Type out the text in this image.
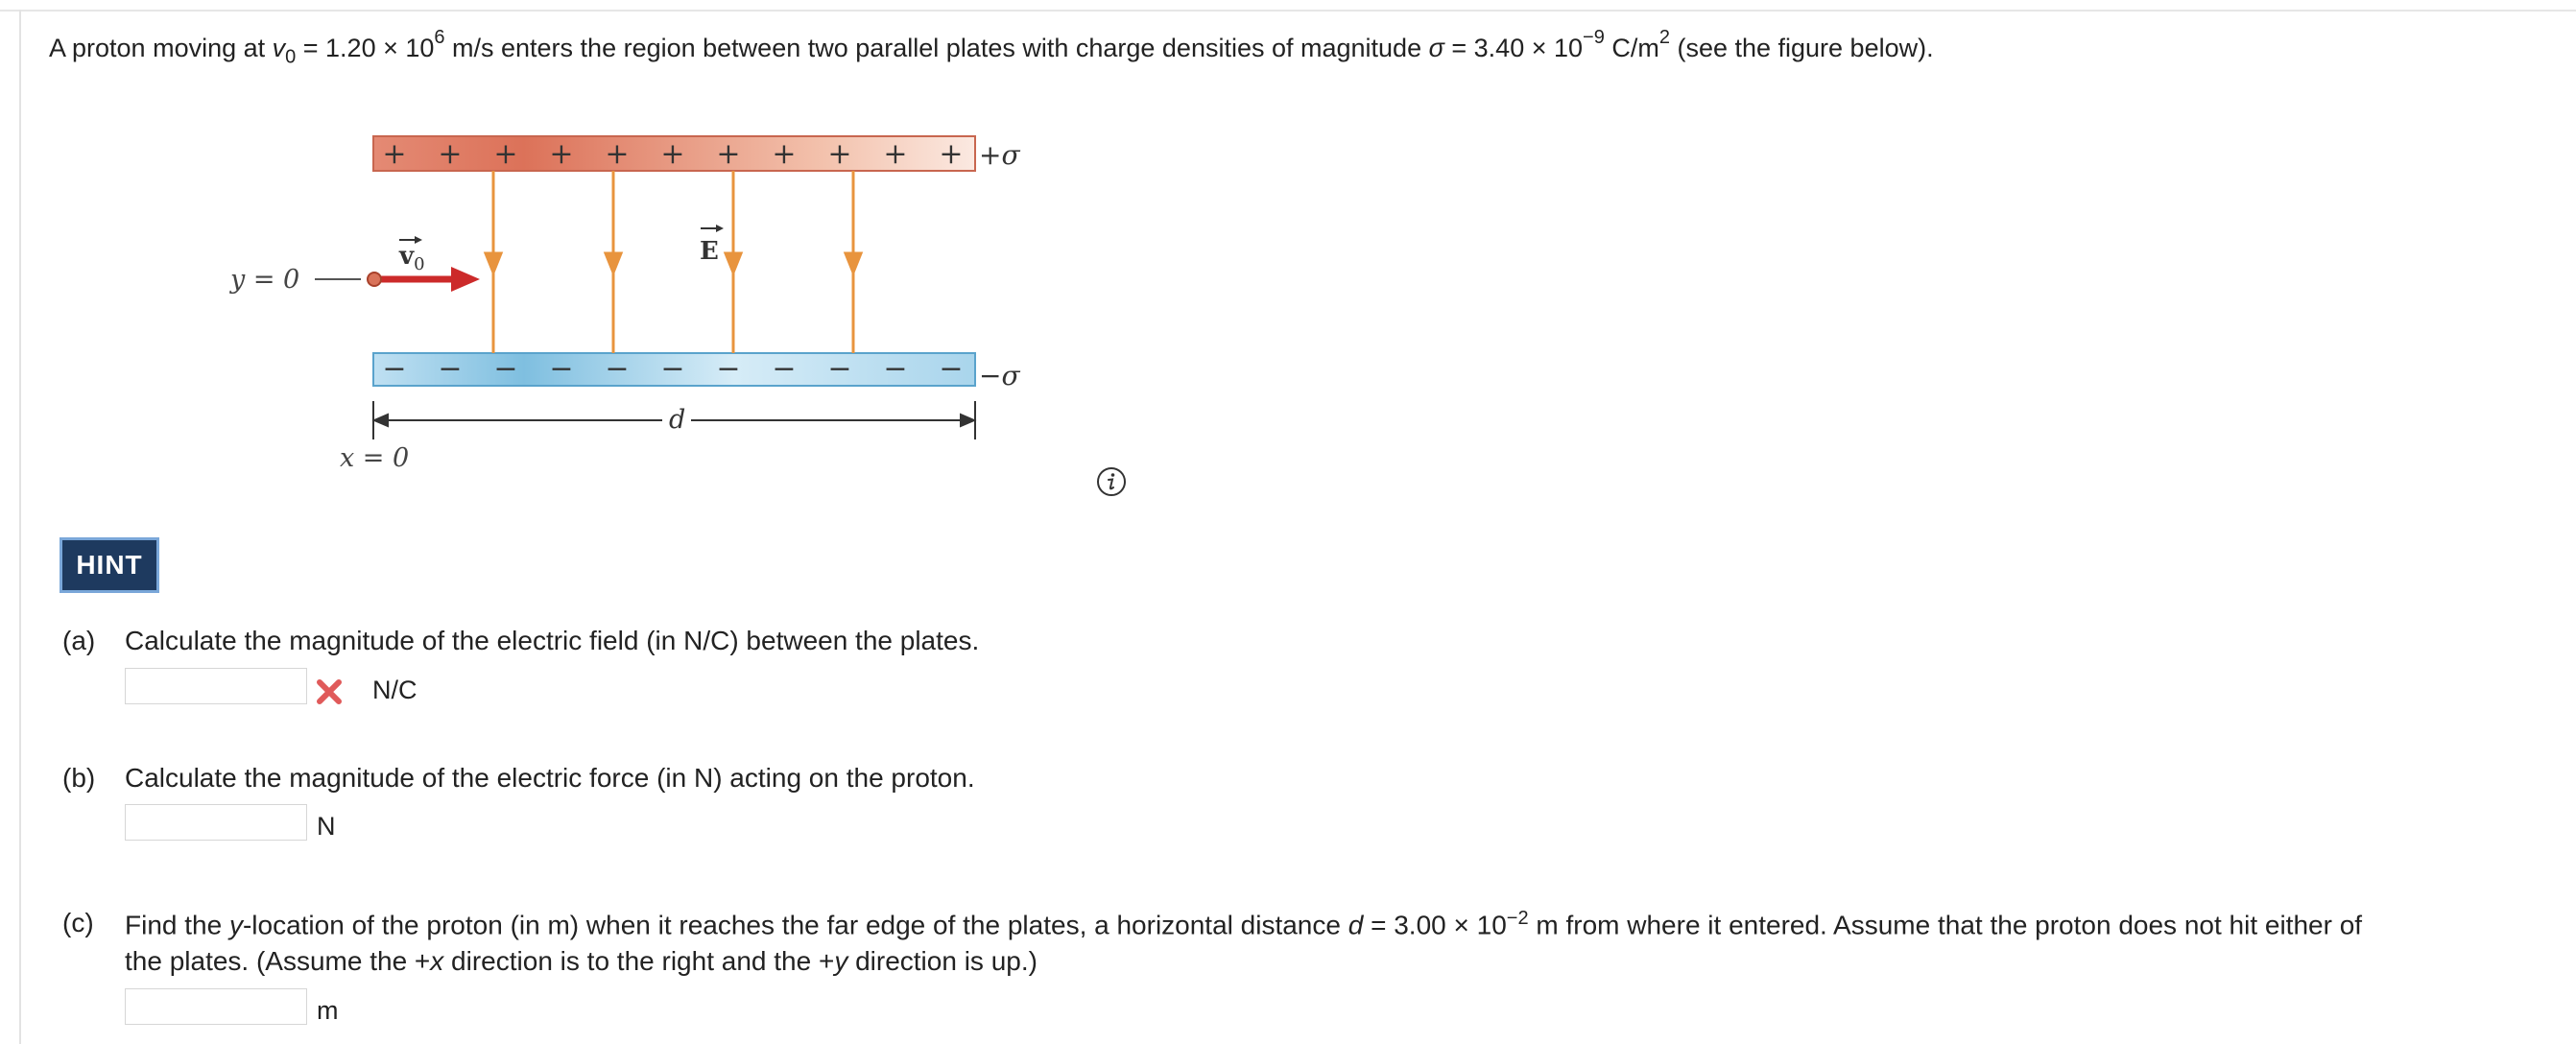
A proton moving at $v_0 = 1.20 \times 10^6$ m/s enters the region between two parallel plates with charge densities of magnitude $\sigma = 3.40 \times 10^{-9}$ $C/m^2$ (see the figure below).
+ + + + + + + + + + + +σ
− − − − − − − − − − − −σ
E
$v_0$
y = 0
d
x = 0
HINT
(a) Calculate the magnitude of the electric field (in N/C) between the plates.
N/C
(b) Calculate the magnitude of the electric force (in N) acting on the proton.
N
(c) Find the y-location of the proton (in m) when it reaches the far edge of the plates, a horizontal distance $d = 3.00 \times 10^{-2}$ m from where it entered. Assume that the proton does not hit either of
the plates. (Assume the +x direction is to the right and the +y direction is up.)
m
